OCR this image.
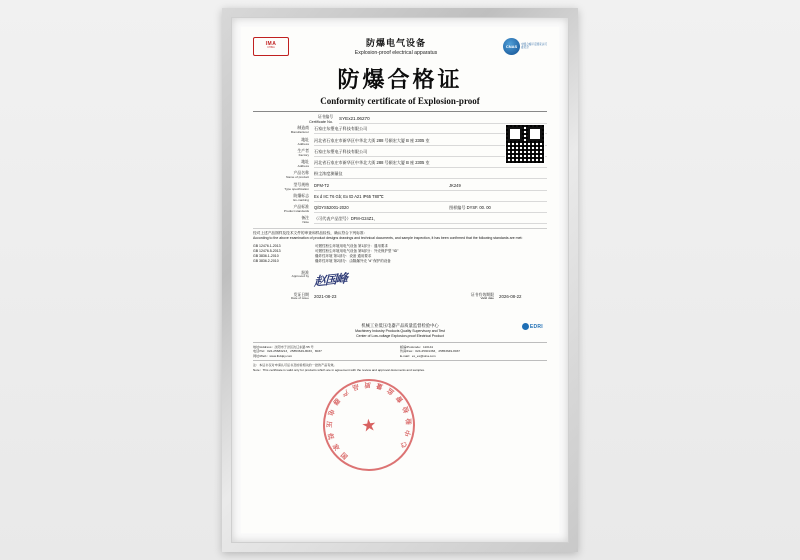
IMA
CHINA	防爆电气设备
Explosion-proof electrical apparatus
CNAS	中国合格评定国家认可委员会
防爆合格证
Conformity certificate of Explosion-proof
证书编号
Certificate No.
SYEx21.06270
制造商
Manufacturer
石家庄东塑电子科技有限公司
地址
Address
河北省石家庄市新华区中华北大街 288 号颐宏大厦 B 座 2305 室
生产者
Factory
石家庄东塑电子科技有限公司
地址
Address
河北省石家庄市新华区中华北大街 288 号颐宏大厦 B 座 2305 室
产品名称
Name of product
粉尘浓度测量仪
型号规格
Type specification
DFM-T2	JK249
防爆标志
Ex-marking
Ex d IIC T6 Gb; Ex tD A21 IP65 T80℃
产品标准
Product standards
Q/DYS52001-2020	图样编号 DYSF. 00. 00
备注
Note
（可代表产品型号）DFM-G24Z1、
经对上述产品图样及技术文件的审查和样品检验，确认符合下列标准：
According to the above examination of product designs drawings and technical documents, and sample inspection, it has been confirmed that the following standards are met:
GB 12476.1-2013	可燃性粉尘环境用电气设备 第1部分：通用要求
GB 12476.5-2013	可燃性粉尘环境用电气设备 第5部分：外壳保护型 "tD"
GB 3836.1-2010	爆炸性环境 第1部分：设备 通用要求
GB 3836.2-2010	爆炸性环境 第2部分：由隔爆外壳 "d" 保护的设备
批准
Approved by 赵国峰
发证日期
Date of issue 2021-08-23	证书有效期限
Valid date 2026-08-22
★
国
家
低
压
电
器
产
品 质 量
监
督
检
验
中
心
机械工业低压电器产品质量监督检验中心
Machinery Industry Products Quality Supervisory and Test
Center of Low-voltage Explosion-proof Electrical Product
EDRI
地址/Address：沈阳市于洪区沈辽东路 55 号
电话/Tel：024-25683213、25853649-8033、8037
网址/Web：www.lbdqky.com
邮编/Postcode：110141
传真/Fax：024-25301363、25853649-8037
E-mail：ex_ex@sina.com
注：本证书仅对申请认可证书及检验相关的一批的产品有效。
Note：This certificate is valid only for products which are in agreement with the review and approval documents and samples.
